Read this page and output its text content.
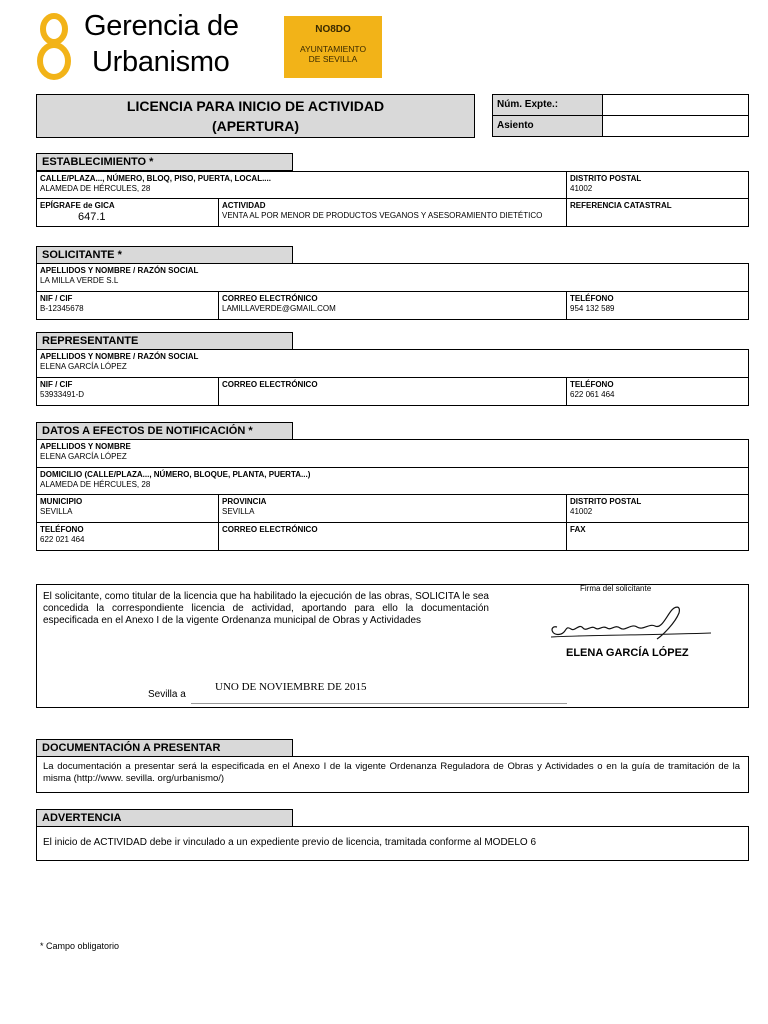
Gerencia de
Urbanismo
NO8DO
AYUNTAMIENTO
DE SEVILLA
LICENCIA PARA INICIO DE ACTIVIDAD
(APERTURA)
Núm. Expte.:
Asiento
ESTABLECIMIENTO *
CALLE/PLAZA..., NÚMERO, BLOQ, PISO, PUERTA, LOCAL....
ALAMEDA DE HÉRCULES, 28
DISTRITO POSTAL
41002
EPÍGRAFE de GICA
647.1
ACTIVIDAD
VENTA AL POR MENOR DE PRODUCTOS VEGANOS Y ASESORAMIENTO DIETÉTICO
REFERENCIA CATASTRAL
SOLICITANTE *
APELLIDOS Y NOMBRE / RAZÓN SOCIAL
LA MILLA VERDE S.L
NIF / CIF
B-12345678
CORREO ELECTRÓNICO
LAMILLAVERDE@GMAIL.COM
TELÉFONO
954 132 589
REPRESENTANTE
APELLIDOS Y NOMBRE / RAZÓN SOCIAL
ELENA GARCÍA LÓPEZ
NIF / CIF
53933491-D
CORREO ELECTRÓNICO	TELÉFONO
622 061 464
DATOS A EFECTOS DE NOTIFICACIÓN *
APELLIDOS Y NOMBRE
ELENA GARCÍA LÓPEZ
DOMICILIO (CALLE/PLAZA..., NÚMERO, BLOQUE, PLANTA, PUERTA...)
ALAMEDA DE HÉRCULES, 28
MUNICIPIO
SEVILLA
PROVINCIA
SEVILLA
DISTRITO POSTAL
41002
TELÉFONO
622 021 464
CORREO ELECTRÓNICO	FAX
El solicitante, como titular de la licencia que ha habilitado la ejecución de las obras, SOLICITA le sea concedida la correspondiente licencia de actividad, aportando para ello la documentación especificada en el Anexo I de la vigente Ordenanza municipal de Obras y Actividades
Firma del solicitante
ELENA GARCÍA LÓPEZ
Sevilla a
UNO DE NOVIEMBRE DE 2015
DOCUMENTACIÓN A PRESENTAR
La documentación a presentar será la especificada en el Anexo I de la vigente Ordenanza Reguladora de Obras y Actividades o en la guía de tramitación de la misma (http://www. sevilla. org/urbanismo/)
ADVERTENCIA
El inicio de ACTIVIDAD debe ir vinculado a un expediente previo de licencia, tramitada conforme al MODELO 6
* Campo obligatorio
